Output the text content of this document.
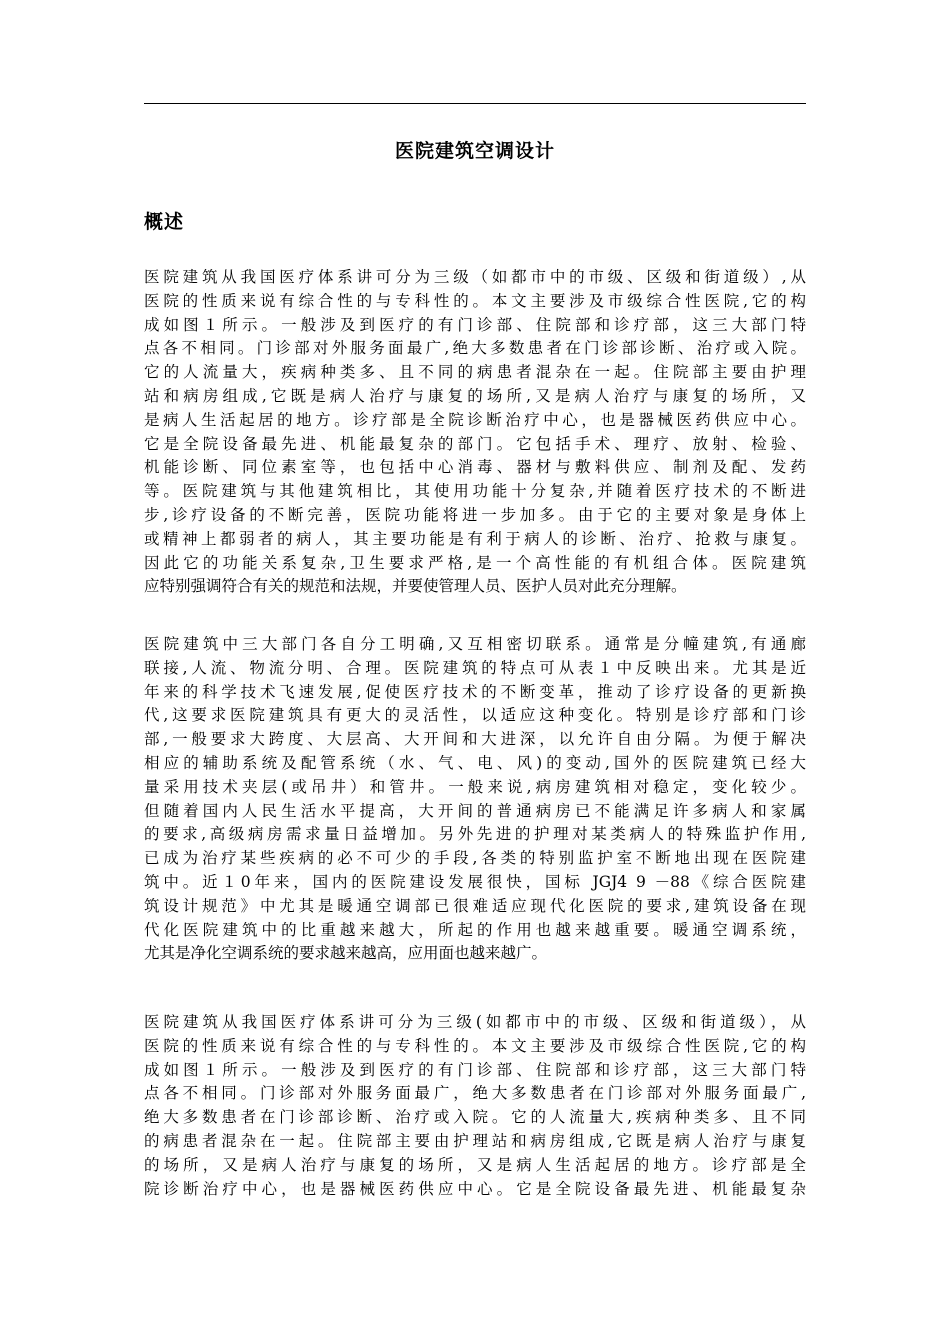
医院建筑空调设计
概述

医院建筑从我国医疗体系讲可分为三级（如都市中的市级、区级和街道级）,从
医院的性质来说有综合性的与专科性的。本文主要涉及市级综合性医院,它的构
成如图１所示。一般涉及到医疗的有门诊部、住院部和诊疗部，这三大部门特
点各不相同。门诊部对外服务面最广,绝大多数患者在门诊部诊断、治疗或入院。
它的人流量大，疾病种类多、且不同的病患者混杂在一起。住院部主要由护理
站和病房组成,它既是病人治疗与康复的场所,又是病人治疗与康复的场所，又
是病人生活起居的地方。诊疗部是全院诊断治疗中心，也是器械医药供应中心。
它是全院设备最先进、机能最复杂的部门。它包括手术、理疗、放射、检验、
机能诊断、同位素室等，也包括中心消毒、器材与敷料供应、制剂及配、发药
等。医院建筑与其他建筑相比，其使用功能十分复杂,并随着医疗技术的不断进
步,诊疗设备的不断完善，医院功能将进一步加多。由于它的主要对象是身体上
或精神上都弱者的病人，其主要功能是有利于病人的诊断、治疗、抢救与康复。
因此它的功能关系复杂,卫生要求严格,是一个高性能的有机组合体。医院建筑
应特别强调符合有关的规范和法规，并要使管理人员、医护人员对此充分理解。

医院建筑中三大部门各自分工明确,又互相密切联系。通常是分幢建筑,有通廊
联接,人流、物流分明、合理。医院建筑的特点可从表１中反映出来。尤其是近
年来的科学技术飞速发展,促使医疗技术的不断变革，推动了诊疗设备的更新换
代,这要求医院建筑具有更大的灵活性，以适应这种变化。特别是诊疗部和门诊
部,一般要求大跨度、大层高、大开间和大进深，以允许自由分隔。为便于解决
相应的辅助系统及配管系统（水、气、电、风)的变动,国外的医院建筑已经大
量采用技术夹层(或吊井）和管井。一般来说,病房建筑相对稳定，变化较少。
但随着国内人民生活水平提高，大开间的普通病房已不能满足许多病人和家属
的要求,高级病房需求量日益增加。另外先进的护理对某类病人的特殊监护作用,
已成为治疗某些疾病的必不可少的手段,各类的特别监护室不断地出现在医院建
筑中。近１0年来，国内的医院建设发展很快，国标 JGJ4 9 －88《综合医院建
筑设计规范》中尤其是暖通空调部已很难适应现代化医院的要求,建筑设备在现
代化医院建筑中的比重越来越大，所起的作用也越来越重要。暖通空调系统，
尤其是净化空调系统的要求越来越高，应用面也越来越广。

医院建筑从我国医疗体系讲可分为三级(如都市中的市级、区级和街道级），从
医院的性质来说有综合性的与专科性的。本文主要涉及市级综合性医院,它的构
成如图１所示。一般涉及到医疗的有门诊部、住院部和诊疗部，这三大部门特
点各不相同。门诊部对外服务面最广，绝大多数患者在门诊部对外服务面最广,
绝大多数患者在门诊部诊断、治疗或入院。它的人流量大,疾病种类多、且不同
的病患者混杂在一起。住院部主要由护理站和病房组成,它既是病人治疗与康复
的场所，又是病人治疗与康复的场所，又是病人生活起居的地方。诊疗部是全
院诊断治疗中心，也是器械医药供应中心。它是全院设备最先进、机能最复杂
